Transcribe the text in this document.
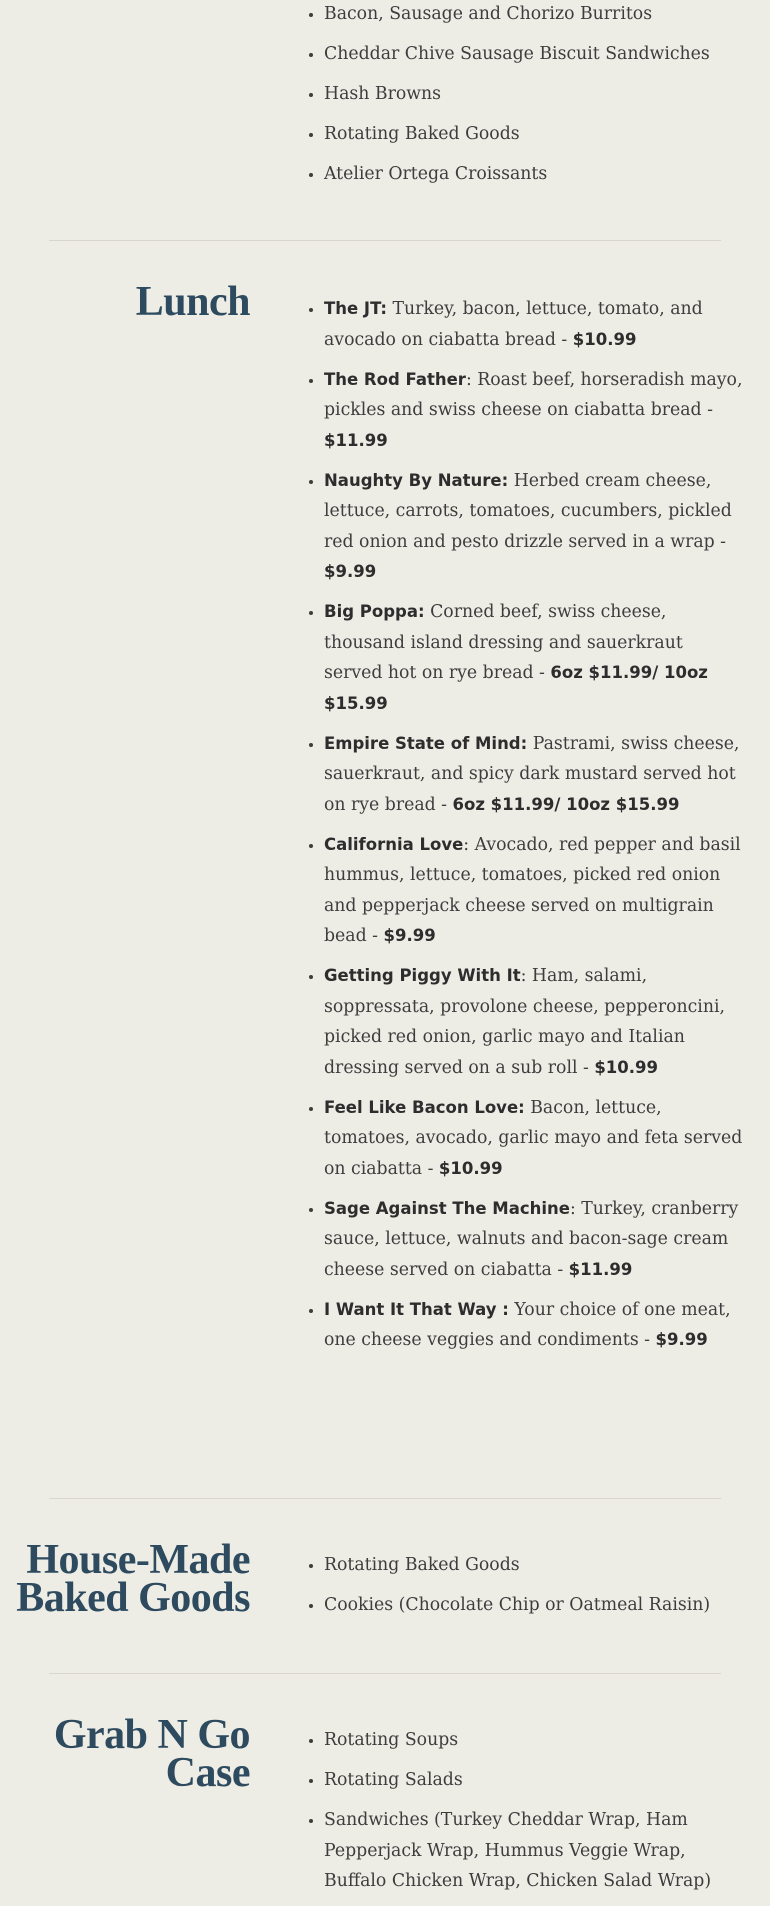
• Bacon, Sausage and Chorizo Burritos
• Cheddar Chive Sausage Biscuit Sandwiches
• Hash Browns
• Rotating Baked Goods
• Atelier Ortega Croissants
Lunch
•	The JT: Turkey, bacon, lettuce, tomato, and avocado on ciabatta bread - $10.99
• The Rod Father: Roast beef, horseradish mayo, pickles and swiss cheese on ciabatta bread - $11.99
• Naughty By Nature: Herbed cream cheese, lettuce, carrots, tomatoes, cucumbers, pickled red onion and pesto drizzle served in a wrap - $9.99
• Big Poppa: Corned beef, swiss cheese, thousand island dressing and sauerkraut served hot on rye bread - 6oz $11.99/ 10oz $15.99
• Empire State of Mind: Pastrami, swiss cheese, sauerkraut, and spicy dark mustard served hot on rye bread - 6oz $11.99/ 10oz $15.99
• California Love: Avocado, red pepper and basil hummus, lettuce, tomatoes, picked red onion and pepperjack cheese served on multigrain bead - $9.99
• Getting Piggy With It: Ham, salami, soppressata, provolone cheese, pepperoncini, picked red onion, garlic mayo and Italian dressing served on a sub roll - $10.99
• Feel Like Bacon Love: Bacon, lettuce, tomatoes, avocado, garlic mayo and feta served on ciabatta - $10.99
• Sage Against The Machine: Turkey, cranberry sauce, lettuce, walnuts and bacon-sage cream cheese served on ciabatta - $11.99
• I Want It That Way : Your choice of one meat, one cheese veggies and condiments - $9.99
House-Made
Baked Goods
• Rotating Baked Goods
• Cookies (Chocolate Chip or Oatmeal Raisin)
Grab N Go
Case
• Rotating Soups
• Rotating Salads
• Sandwiches (Turkey Cheddar Wrap, Ham Pepperjack Wrap, Hummus Veggie Wrap, Buffalo Chicken Wrap, Chicken Salad Wrap)
